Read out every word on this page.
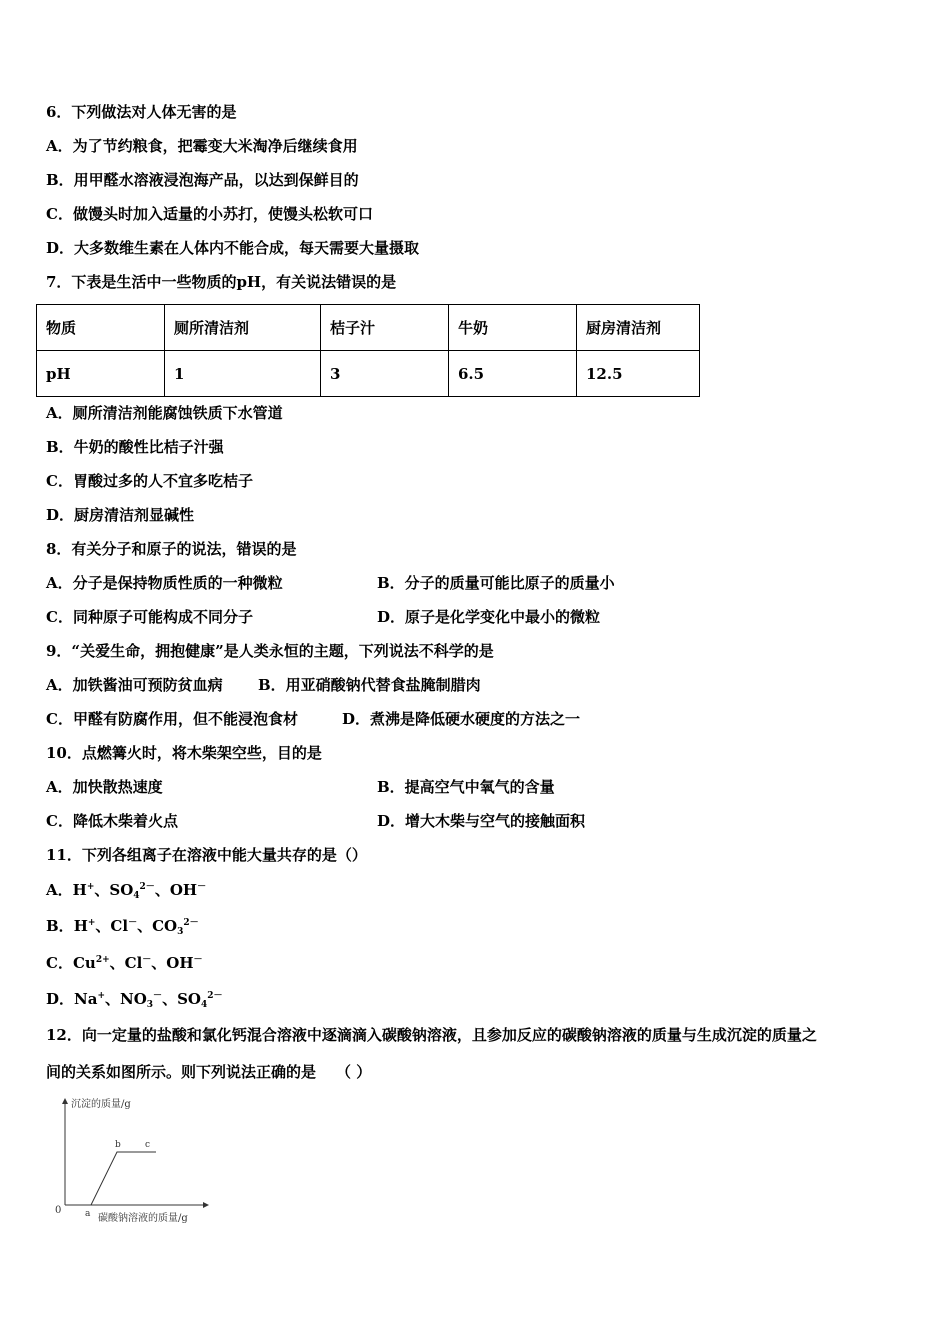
6．下列做法对人体无害的是
A．为了节约粮食，把霉变大米淘净后继续食用
B．用甲醛水溶液浸泡海产品，以达到保鲜目的
C．做馒头时加入适量的小苏打，使馒头松软可口
D．大多数维生素在人体内不能合成，每天需要大量摄取
7．下表是生活中一些物质的pH，有关说法错误的是
物质	厕所清洁剂	桔子汁	牛奶	厨房清洁剂
pH	1	3	6.5	12.5
A．厕所清洁剂能腐蚀铁质下水管道
B．牛奶的酸性比桔子汁强
C．胃酸过多的人不宜多吃桔子
D．厨房清洁剂显碱性
8．有关分子和原子的说法，错误的是
A．分子是保持物质性质的一种微粒	B．分子的质量可能比原子的质量小
C．同种原子可能构成不同分子	D．原子是化学变化中最小的微粒
9．“关爱生命，拥抱健康”是人类永恒的主题，下列说法不科学的是
A．加铁酱油可预防贫血病 B．用亚硝酸钠代替食盐腌制腊肉
C．甲醛有防腐作用，但不能浸泡食材	D．煮沸是降低硬水硬度的方法之一
10．点燃篝火时，将木柴架空些，目的是
A．加快散热速度	B．提高空气中氧气的含量
C．降低木柴着火点	D．增大木柴与空气的接触面积
11．下列各组离子在溶液中能大量共存的是（）
A．H+、$SO_4^{2-}$、OH－
B．H+、Cl－、$CO_3^{2-}$
C．$Cu^{2+}$、Cl－、OH－
D．Na+、$NO_3^-$、$SO_4^{2-}$
12．向一定量的盐酸和氯化钙混合溶液中逐滴滴入碳酸钠溶液，且参加反应的碳酸钠溶液的质量与生成沉淀的质量之
间的关系如图所示。则下列说法正确的是 （ ）
沉淀的质量/g
碳酸钠溶液的质量/g
0	a
b	c
